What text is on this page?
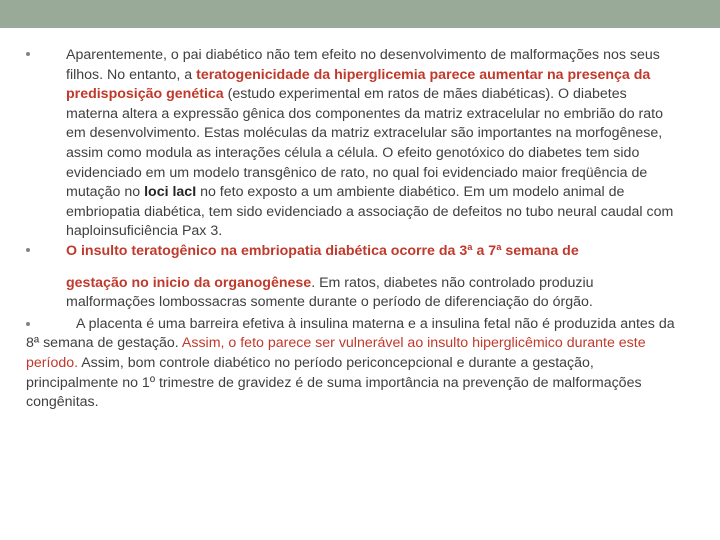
Aparentemente, o pai diabético não tem efeito no desenvolvimento de malformações nos seus filhos. No entanto, a teratogenicidade da hiperglicemia parece aumentar na presença da predisposição genética (estudo experimental em ratos de mães diabéticas). O diabetes materna altera a expressão gênica dos componentes da matriz extracelular no embrião do rato em desenvolvimento. Estas moléculas da matriz extracelular são importantes na morfogênese, assim como modula as interações célula a célula. O efeito genotóxico do diabetes tem sido evidenciado em um modelo transgênico de rato, no qual foi evidenciado maior freqüência de mutação no loci lacI no feto exposto a um ambiente diabético. Em um modelo animal de embriopatia diabética, tem sido evidenciado a associação de defeitos no tubo neural caudal com haploinsuficiência Pax 3.
O insulto teratogênico na embriopatia diabética ocorre da 3ª a 7ª semana de
gestação no inicio da organogênese. Em ratos, diabetes não controlado produziu malformações lombossacras somente durante o período de diferenciação do órgão.
A placenta é uma barreira efetiva à insulina materna e a insulina fetal não é produzida antes da 8ª semana de gestação. Assim, o feto parece ser vulnerável ao insulto hiperglicêmico durante este período. Assim, bom controle diabético no período periconcepcional e durante a gestação, principalmente no 1º trimestre de gravidez é de suma importância na prevenção de malformações congênitas.
